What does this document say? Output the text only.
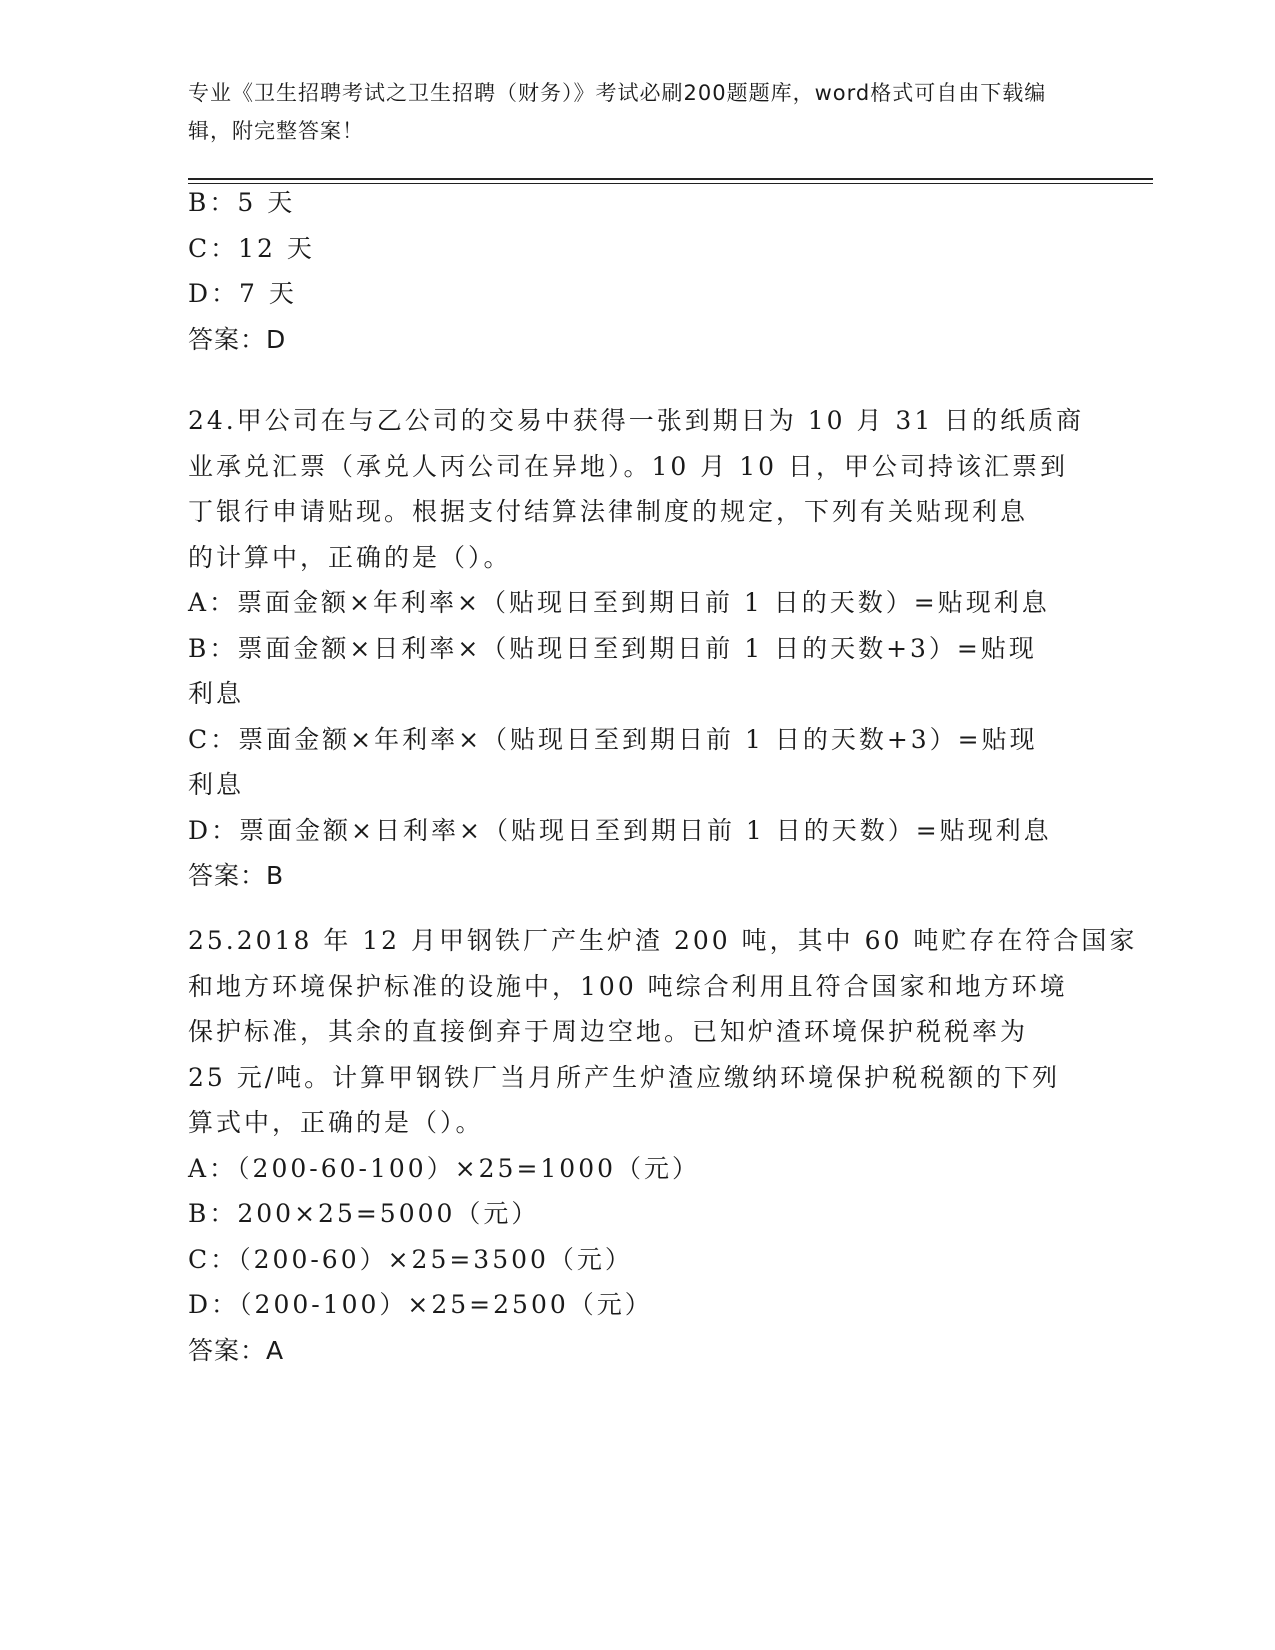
专业《卫生招聘考试之卫生招聘（财务）》考试必刷200题题库，word格式可自由下载编辑，附完整答案！
B：5 天
C：12 天
D：7 天
答案：D
24.甲公司在与乙公司的交易中获得一张到期日为 10 月 31 日的纸质商
业承兑汇票（承兑人丙公司在异地）。10 月 10 日，甲公司持该汇票到
丁银行申请贴现。根据支付结算法律制度的规定，下列有关贴现利息
的计算中，正确的是（）。
A：票面金额×年利率×（贴现日至到期日前 1 日的天数）=贴现利息
B：票面金额×日利率×（贴现日至到期日前 1 日的天数+3）=贴现利息
C：票面金额×年利率×（贴现日至到期日前 1 日的天数+3）=贴现利息
D：票面金额×日利率×（贴现日至到期日前 1 日的天数）=贴现利息
答案：B
25.2018 年 12 月甲钢铁厂产生炉渣 200 吨，其中 60 吨贮存在符合国家
和地方环境保护标准的设施中，100 吨综合利用且符合国家和地方环境
保护标准，其余的直接倒弃于周边空地。已知炉渣环境保护税税率为
25 元/吨。计算甲钢铁厂当月所产生炉渣应缴纳环境保护税税额的下列
算式中，正确的是（）。
A：（200-60-100）×25=1000（元）
B：200×25=5000（元）
C：（200-60）×25=3500（元）
D：（200-100）×25=2500（元）
答案：A
